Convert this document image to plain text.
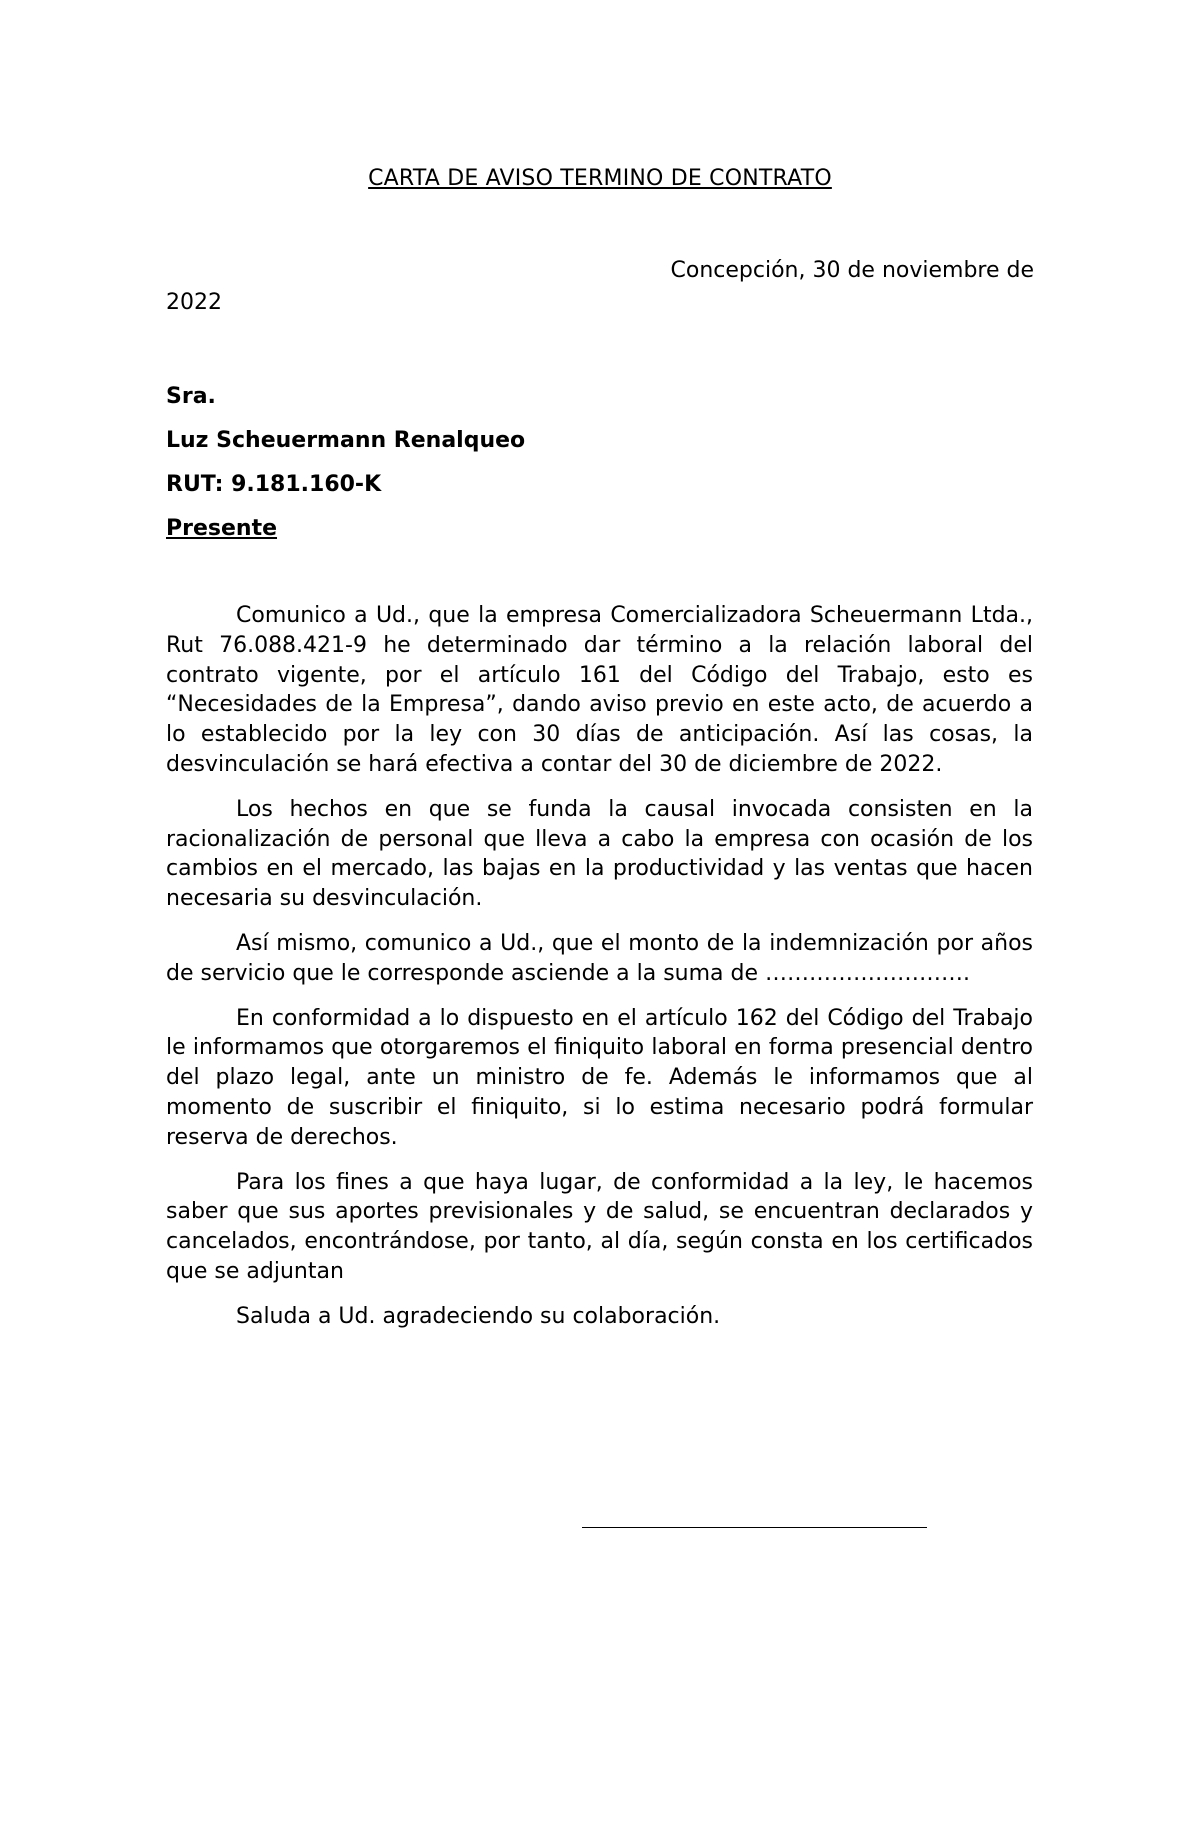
CARTA DE AVISO TERMINO DE CONTRATO
Concepción, 30 de noviembre de
2022
Sra.
Luz Scheuermann Renalqueo
RUT: 9.181.160-K
Presente

Comunico a Ud., que la empresa Comercializadora Scheuermann Ltda., Rut 76.088.421-9 he determinado dar término a la relación laboral del contrato vigente, por el artículo 161 del Código del Trabajo, esto es “Necesidades de la Empresa”, dando aviso previo en este acto, de acuerdo a lo establecido por la ley con 30 días de anticipación. Así las cosas, la desvinculación se hará efectiva a contar del 30 de diciembre de 2022.

Los hechos en que se funda la causal invocada consisten en la racionalización de personal que lleva a cabo la empresa con ocasión de los cambios en el mercado, las bajas en la productividad y las ventas que hacen necesaria su desvinculación.

Así mismo, comunico a Ud., que el monto de la indemnización por años de servicio que le corresponde asciende a la suma de ……………………….

En conformidad a lo dispuesto en el artículo 162 del Código del Trabajo le informamos que otorgaremos el finiquito laboral en forma presencial dentro del plazo legal, ante un ministro de fe. Además le informamos que al momento de suscribir el finiquito, si lo estima necesario podrá formular reserva de derechos.

Para los fines a que haya lugar, de conformidad a la ley, le hacemos saber que sus aportes previsionales y de salud, se encuentran declarados y cancelados, encontrándose, por tanto, al día, según consta en los certificados que se adjuntan

Saluda a Ud. agradeciendo su colaboración.
